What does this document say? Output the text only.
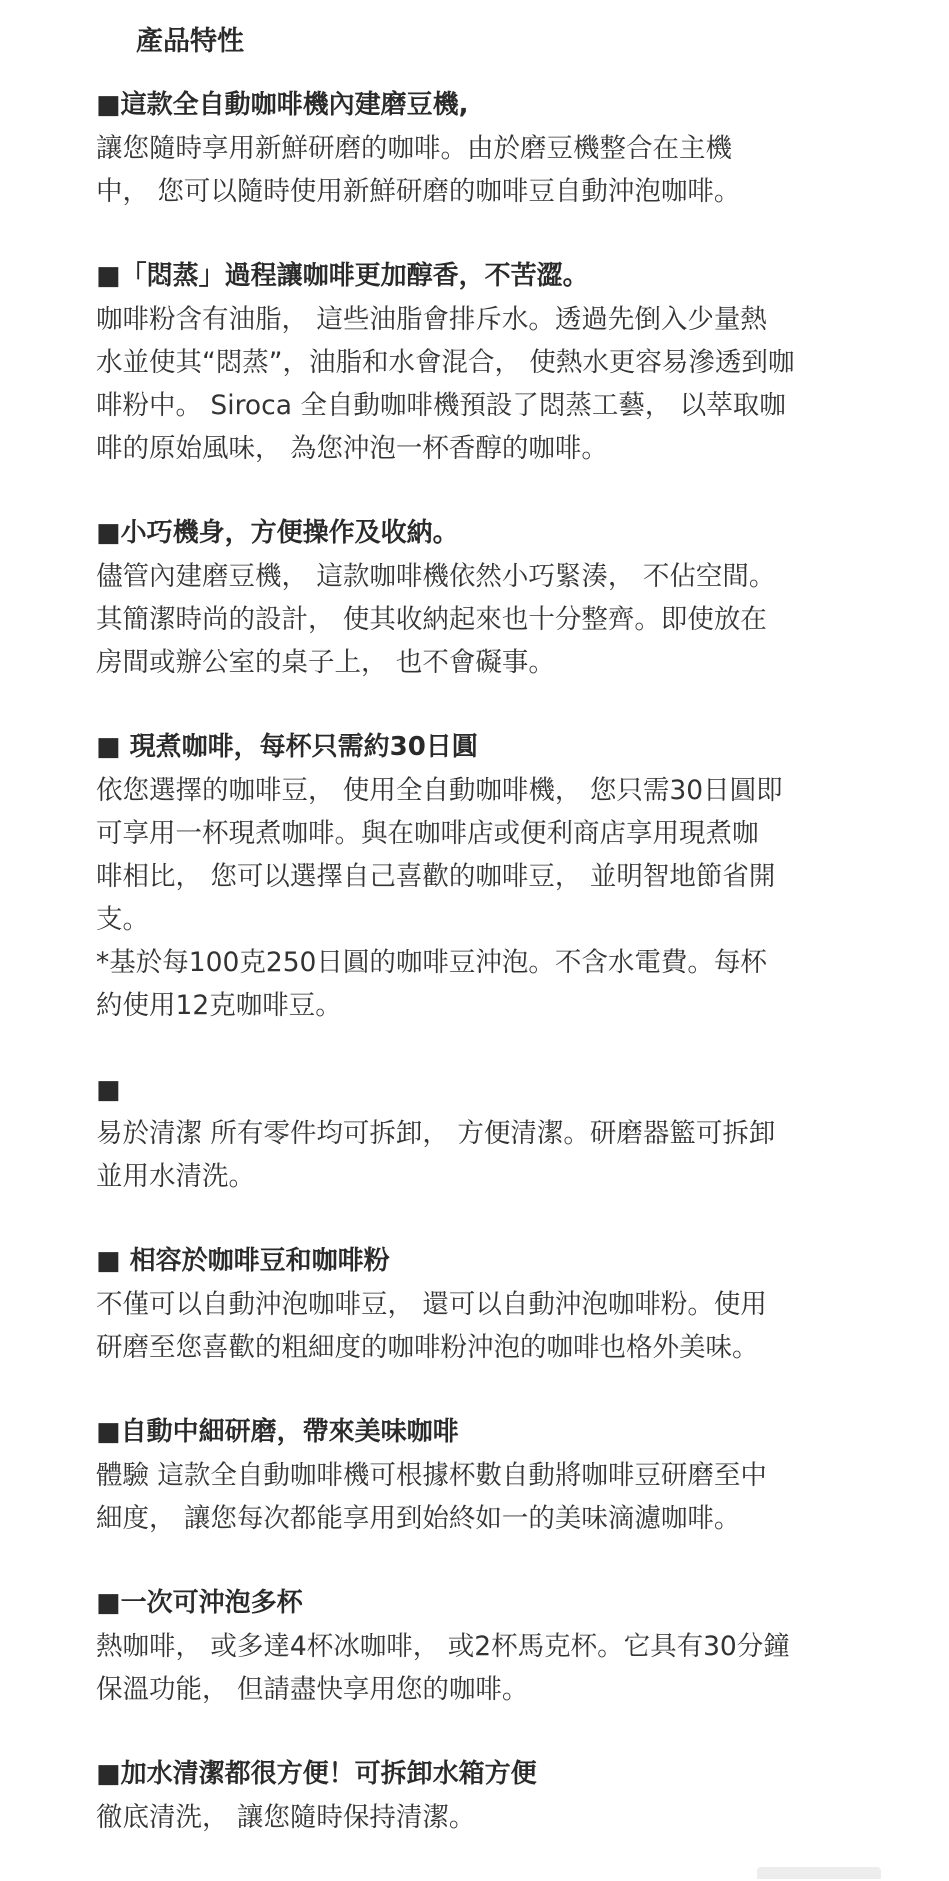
產品特性

■這款全自動咖啡機內建磨豆機,

讓您隨時享用新鮮研磨的咖啡。由於磨豆機整合在主機

中， 您可以隨時使用新鮮研磨的咖啡豆自動沖泡咖啡。

■「悶蒸」過程讓咖啡更加醇香，不苦澀。

咖啡粉含有油脂， 這些油脂會排斥水。透過先倒入少量熱

水並使其“悶蒸”，油脂和水會混合， 使熱水更容易滲透到咖

啡粉中。 Siroca 全自動咖啡機預設了悶蒸工藝， 以萃取咖

啡的原始風味， 為您沖泡一杯香醇的咖啡。

■小巧機身，方便操作及收納。

儘管內建磨豆機， 這款咖啡機依然小巧緊湊， 不佔空間。

其簡潔時尚的設計， 使其收納起來也十分整齊。即使放在

房間或辦公室的桌子上， 也不會礙事。

■ 現煮咖啡，每杯只需約30日圓

依您選擇的咖啡豆， 使用全自動咖啡機， 您只需30日圓即

可享用一杯現煮咖啡。與在咖啡店或便利商店享用現煮咖

啡相比， 您可以選擇自己喜歡的咖啡豆， 並明智地節省開

支。

*基於每100克250日圓的咖啡豆沖泡。不含水電費。每杯

約使用12克咖啡豆。

■

易於清潔 所有零件均可拆卸， 方便清潔。研磨器籃可拆卸

並用水清洗。

■ 相容於咖啡豆和咖啡粉

不僅可以自動沖泡咖啡豆， 還可以自動沖泡咖啡粉。使用

研磨至您喜歡的粗細度的咖啡粉沖泡的咖啡也格外美味。

■自動中細研磨，帶來美味咖啡

體驗 這款全自動咖啡機可根據杯數自動將咖啡豆研磨至中

細度， 讓您每次都能享用到始終如一的美味滴濾咖啡。

■一次可沖泡多杯

熱咖啡， 或多達4杯冰咖啡， 或2杯馬克杯。它具有30分鐘

保溫功能， 但請盡快享用您的咖啡。

■加水清潔都很方便！可拆卸水箱方便

徹底清洗， 讓您隨時保持清潔。
